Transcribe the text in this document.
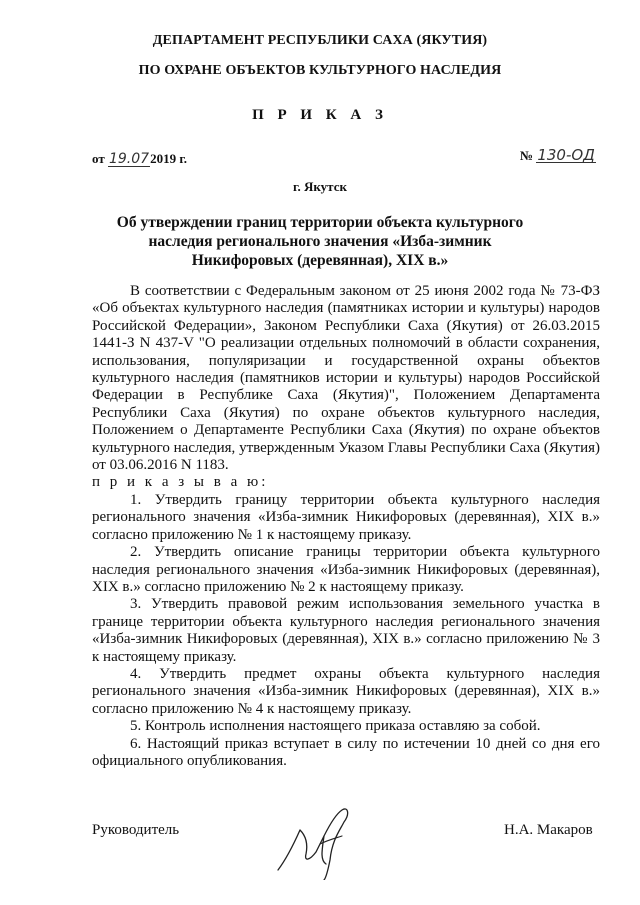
ДЕПАРТАМЕНТ РЕСПУБЛИКИ САХА (ЯКУТИЯ)
ПО ОХРАНЕ ОБЪЕКТОВ КУЛЬТУРНОГО НАСЛЕДИЯ
П Р И К А З
от 19.072019 г.	№ 130-ОД
г. Якутск
Об утверждении границ территории объекта культурного наследия регионального значения «Изба-зимник Никифоровых (деревянная), XIX в.»

В соответствии с Федеральным законом от 25 июня 2002 года № 73-ФЗ «Об объектах культурного наследия (памятниках истории и культуры) народов Российской Федерации», Законом Республики Саха (Якутия) от 26.03.2015 1441-З N 437-V "О реализации отдельных полномочий в области сохранения, использования, популяризации и государственной охраны объектов культурного наследия (памятников истории и культуры) народов Российской Федерации в Республике Саха (Якутия)", Положением Департамента Республики Саха (Якутия) по охране объектов культурного наследия, Положением о Департаменте Республики Саха (Якутия) по охране объектов культурного наследия, утвержденным Указом Главы Республики Саха (Якутия) от 03.06.2016 N 1183.

п р и к а з ы в а ю:

1. Утвердить границу территории объекта культурного наследия регионального значения «Изба-зимник Никифоровых (деревянная), XIX в.» согласно приложению № 1 к настоящему приказу.

2. Утвердить описание границы территории объекта культурного наследия регионального значения «Изба-зимник Никифоровых (деревянная), XIX в.» согласно приложению № 2 к настоящему приказу.

3. Утвердить правовой режим использования земельного участка в границе территории объекта культурного наследия регионального значения «Изба-зимник Никифоровых (деревянная), XIX в.» согласно приложению № 3 к настоящему приказу.

4. Утвердить предмет охраны объекта культурного наследия регионального значения «Изба-зимник Никифоровых (деревянная), XIX в.» согласно приложению № 4 к настоящему приказу.

5. Контроль исполнения настоящего приказа оставляю за собой.

6. Настоящий приказ вступает в силу по истечении 10 дней со дня его официального опубликования.

Руководитель	Н.А. Макаров
